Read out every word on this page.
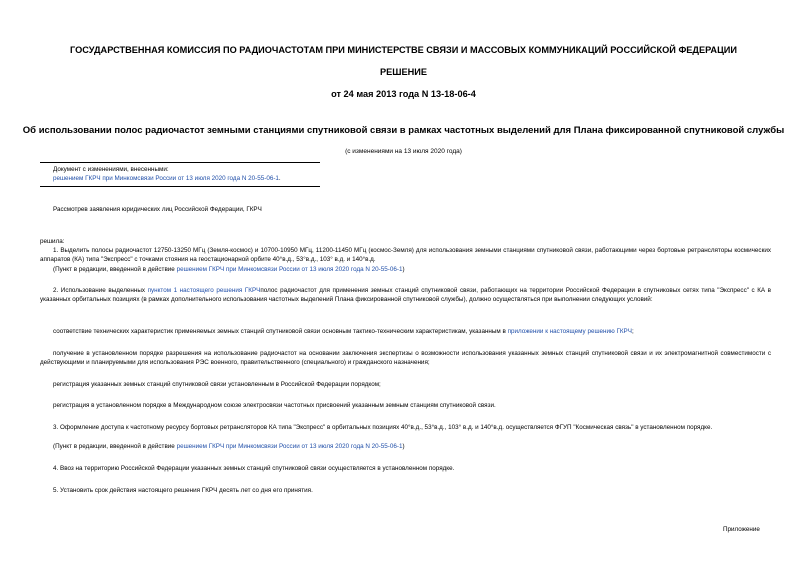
ГОСУДАРСТВЕННАЯ КОМИССИЯ ПО РАДИОЧАСТОТАМ ПРИ МИНИСТЕРСТВЕ СВЯЗИ И МАССОВЫХ КОММУНИКАЦИЙ РОССИЙСКОЙ ФЕДЕРАЦИИ
РЕШЕНИЕ
от 24 мая 2013 года N 13-18-06-4
Об использовании полос радиочастот земными станциями спутниковой связи в рамках частотных выделений для Плана фиксированной спутниковой службы
(с изменениями на 13 июля 2020 года)
Документ с изменениями, внесенными:
решением ГКРЧ при Минкомсвязи России от 13 июля 2020 года N 20-55-06-1.
Рассмотрев заявления юридических лиц Российской Федерации, ГКРЧ
решила:
1. Выделить полосы радиочастот 12750-13250 МГц (Земля-космос) и 10700-10950 МГц, 11200-11450 МГц (космос-Земля) для использования земными станциями спутниковой связи, работающими через бортовые ретрансляторы космических аппаратов (КА) типа "Экспресс" с точками стояния на геостационарной орбите 40°в.д., 53°в.д., 103° в.д. и 140°в.д.
(Пункт в редакции, введенной в действие решением ГКРЧ при Минкомсвязи России от 13 июля 2020 года N 20-55-06-1)
2. Использование выделенных пунктом 1 настоящего решения ГКРЧполос радиочастот для применения земных станций спутниковой связи, работающих на территории Российской Федерации в спутниковых сетях типа "Экспресс" с КА в указанных орбитальных позициях (в рамках дополнительного использования частотных выделений Плана фиксированной спутниковой службы), должно осуществляться при выполнении следующих условий:
соответствие технических характеристик применяемых земных станций спутниковой связи основным тактико-техническим характеристикам, указанным в приложении к настоящему решению ГКРЧ;
получение в установленном порядке разрешения на использование радиочастот на основании заключения экспертизы о возможности использования указанных земных станций спутниковой связи и их электромагнитной совместимости с действующими и планируемыми для использования РЭС военного, правительственного (специального) и гражданского назначения;
регистрация указанных земных станций спутниковой связи установленным в Российской Федерации порядком;
регистрация в установленном порядке в Международном союзе электросвязи частотных присвоений указанным земным станциям спутниковой связи.
3. Оформление доступа к частотному ресурсу бортовых ретрансляторов КА типа "Экспресс" в орбитальных позициях 40°в.д., 53°в.д., 103° в.д. и 140°в.д. осуществляется ФГУП "Космическая связь" в установленном порядке.
(Пункт в редакции, введенной в действие решением ГКРЧ при Минкомсвязи России от 13 июля 2020 года N 20-55-06-1)
4. Ввоз на территорию Российской Федерации указанных земных станций спутниковой связи осуществляется в установленном порядке.
5. Установить срок действия настоящего решения ГКРЧ десять лет со дня его принятия.
Приложение
